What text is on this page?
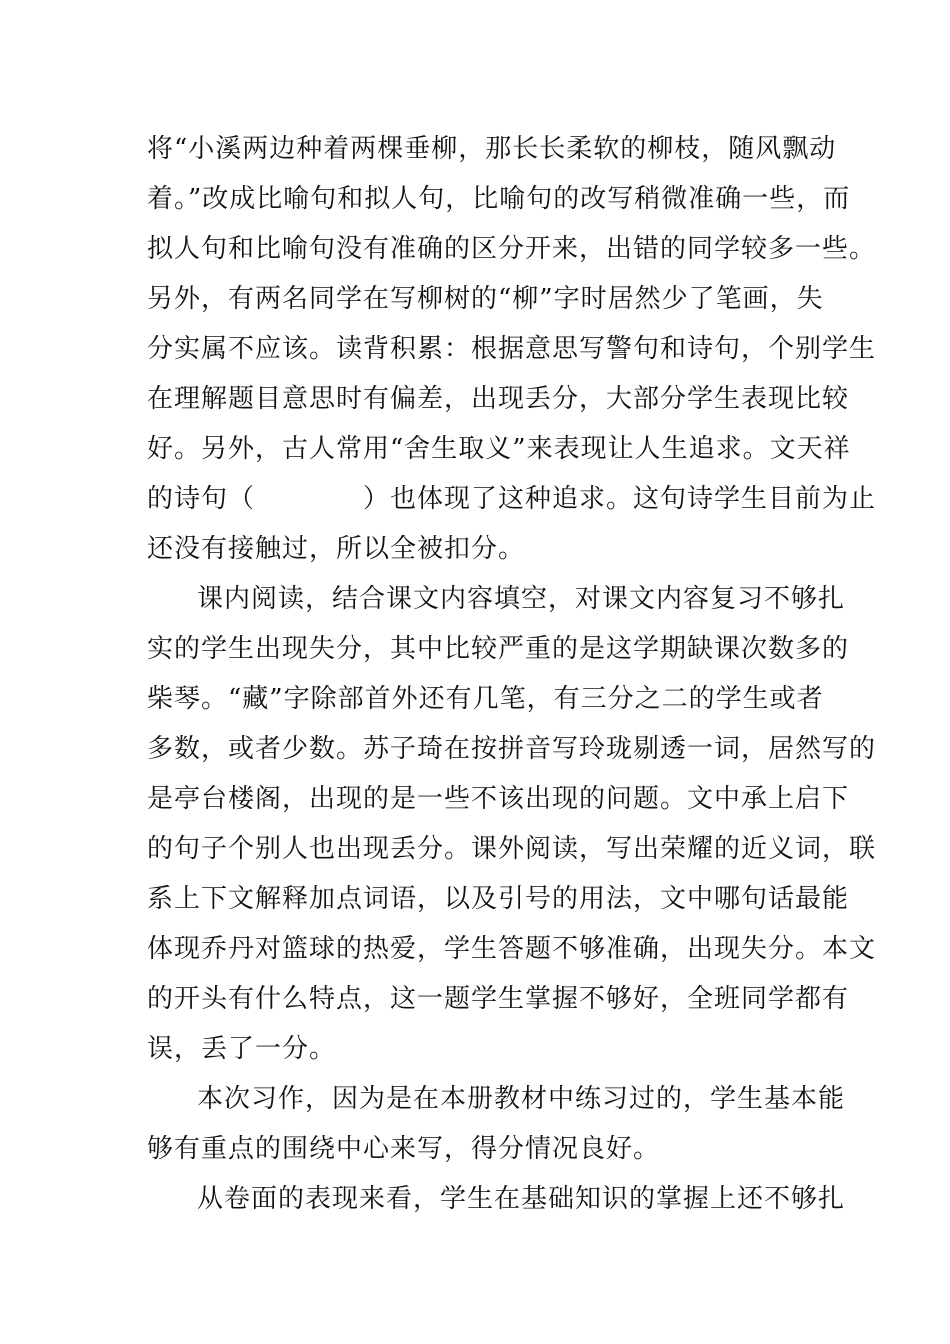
将“小溪两边种着两棵垂柳，那长长柔软的柳枝，随风飘动
着。”改成比喻句和拟人句，比喻句的改写稍微准确一些，而
拟人句和比喻句没有准确的区分开来，出错的同学较多一些。
另外，有两名同学在写柳树的“柳”字时居然少了笔画，失
分实属不应该。读背积累：根据意思写警句和诗句，个别学生
在理解题目意思时有偏差，出现丢分，大部分学生表现比较
好。另外，古人常用“舍生取义”来表现让人生追求。文天祥
的诗句（　　　　）也体现了这种追求。这句诗学生目前为止
还没有接触过，所以全被扣分。
课内阅读，结合课文内容填空，对课文内容复习不够扎
实的学生出现失分，其中比较严重的是这学期缺课次数多的
柴琴。“藏”字除部首外还有几笔，有三分之二的学生或者
多数，或者少数。苏子琦在按拼音写玲珑剔透一词，居然写的
是亭台楼阁，出现的是一些不该出现的问题。文中承上启下
的句子个别人也出现丢分。课外阅读，写出荣耀的近义词，联
系上下文解释加点词语，以及引号的用法，文中哪句话最能
体现乔丹对篮球的热爱，学生答题不够准确，出现失分。本文
的开头有什么特点，这一题学生掌握不够好，全班同学都有
误，丢了一分。
本次习作，因为是在本册教材中练习过的，学生基本能
够有重点的围绕中心来写，得分情况良好。
从卷面的表现来看，学生在基础知识的掌握上还不够扎
